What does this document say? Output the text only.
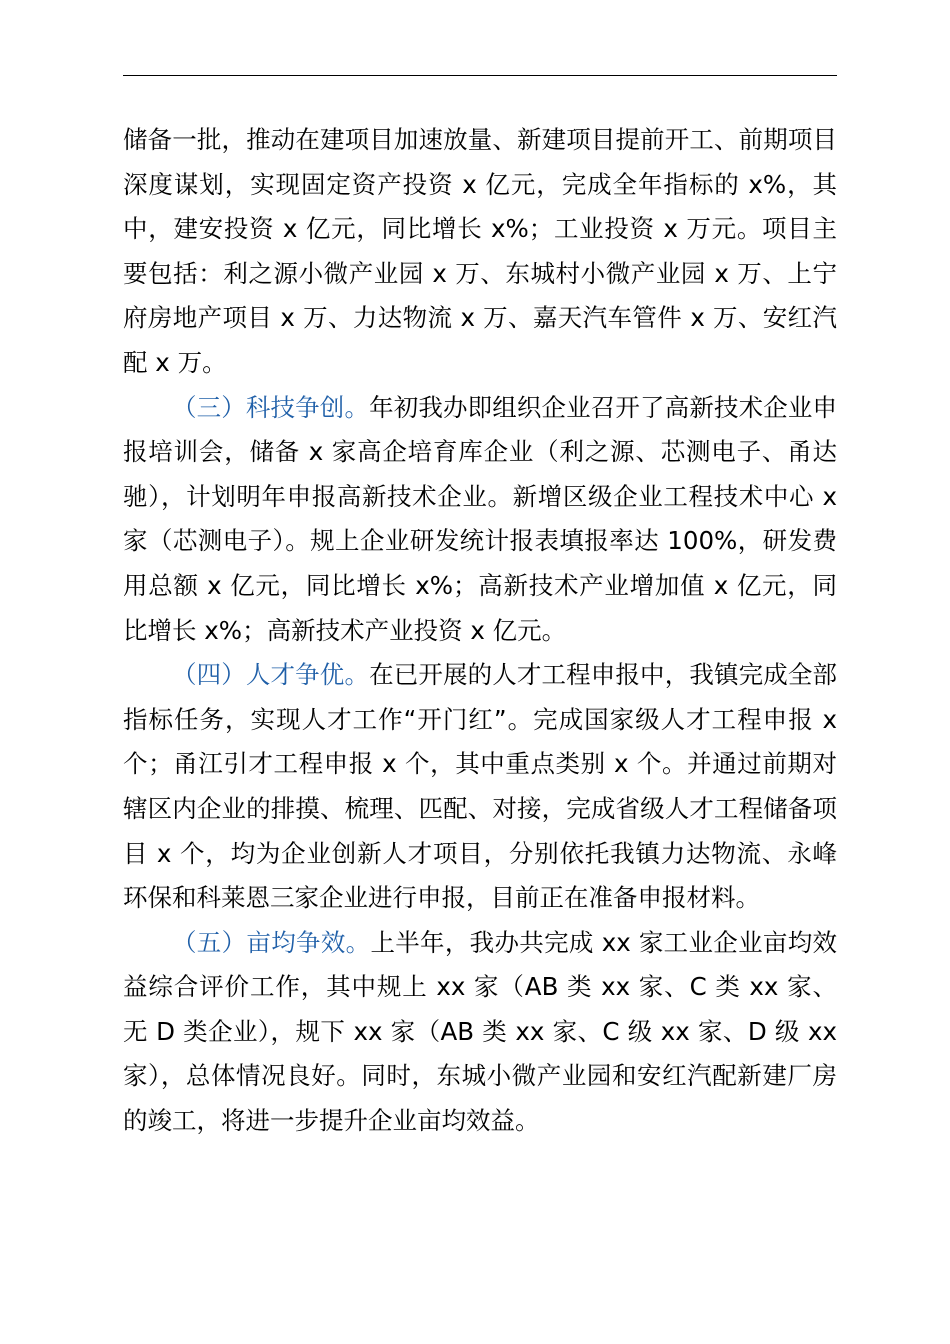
储备一批，推动在建项目加速放量、新建项目提前开工、前期项目深度谋划，实现固定资产投资 x 亿元，完成全年指标的 x%，其中，建安投资 x 亿元，同比增长 x%；工业投资 x 万元。项目主要包括：利之源小微产业园 x 万、东城村小微产业园 x 万、上宁府房地产项目 x 万、力达物流 x 万、嘉天汽车管件 x 万、安红汽配 x 万。

（三）科技争创。年初我办即组织企业召开了高新技术企业申报培训会，储备 x 家高企培育库企业（利之源、芯测电子、甬达驰），计划明年申报高新技术企业。新增区级企业工程技术中心 x 家（芯测电子）。规上企业研发统计报表填报率达 100%，研发费用总额 x 亿元，同比增长 x%；高新技术产业增加值 x 亿元，同比增长 x%；高新技术产业投资 x 亿元。

（四）人才争优。在已开展的人才工程申报中，我镇完成全部指标任务，实现人才工作“开门红”。完成国家级人才工程申报 x 个；甬江引才工程申报 x 个，其中重点类别 x 个。并通过前期对辖区内企业的排摸、梳理、匹配、对接，完成省级人才工程储备项目 x 个，均为企业创新人才项目，分别依托我镇力达物流、永峰环保和科莱恩三家企业进行申报，目前正在准备申报材料。

（五）亩均争效。上半年，我办共完成 xx 家工业企业亩均效益综合评价工作，其中规上 xx 家（AB 类 xx 家、C 类 xx 家、无 D 类企业），规下 xx 家（AB 类 xx 家、C 级 xx 家、D 级 xx 家），总体情况良好。同时，东城小微产业园和安红汽配新建厂房的竣工，将进一步提升企业亩均效益。
